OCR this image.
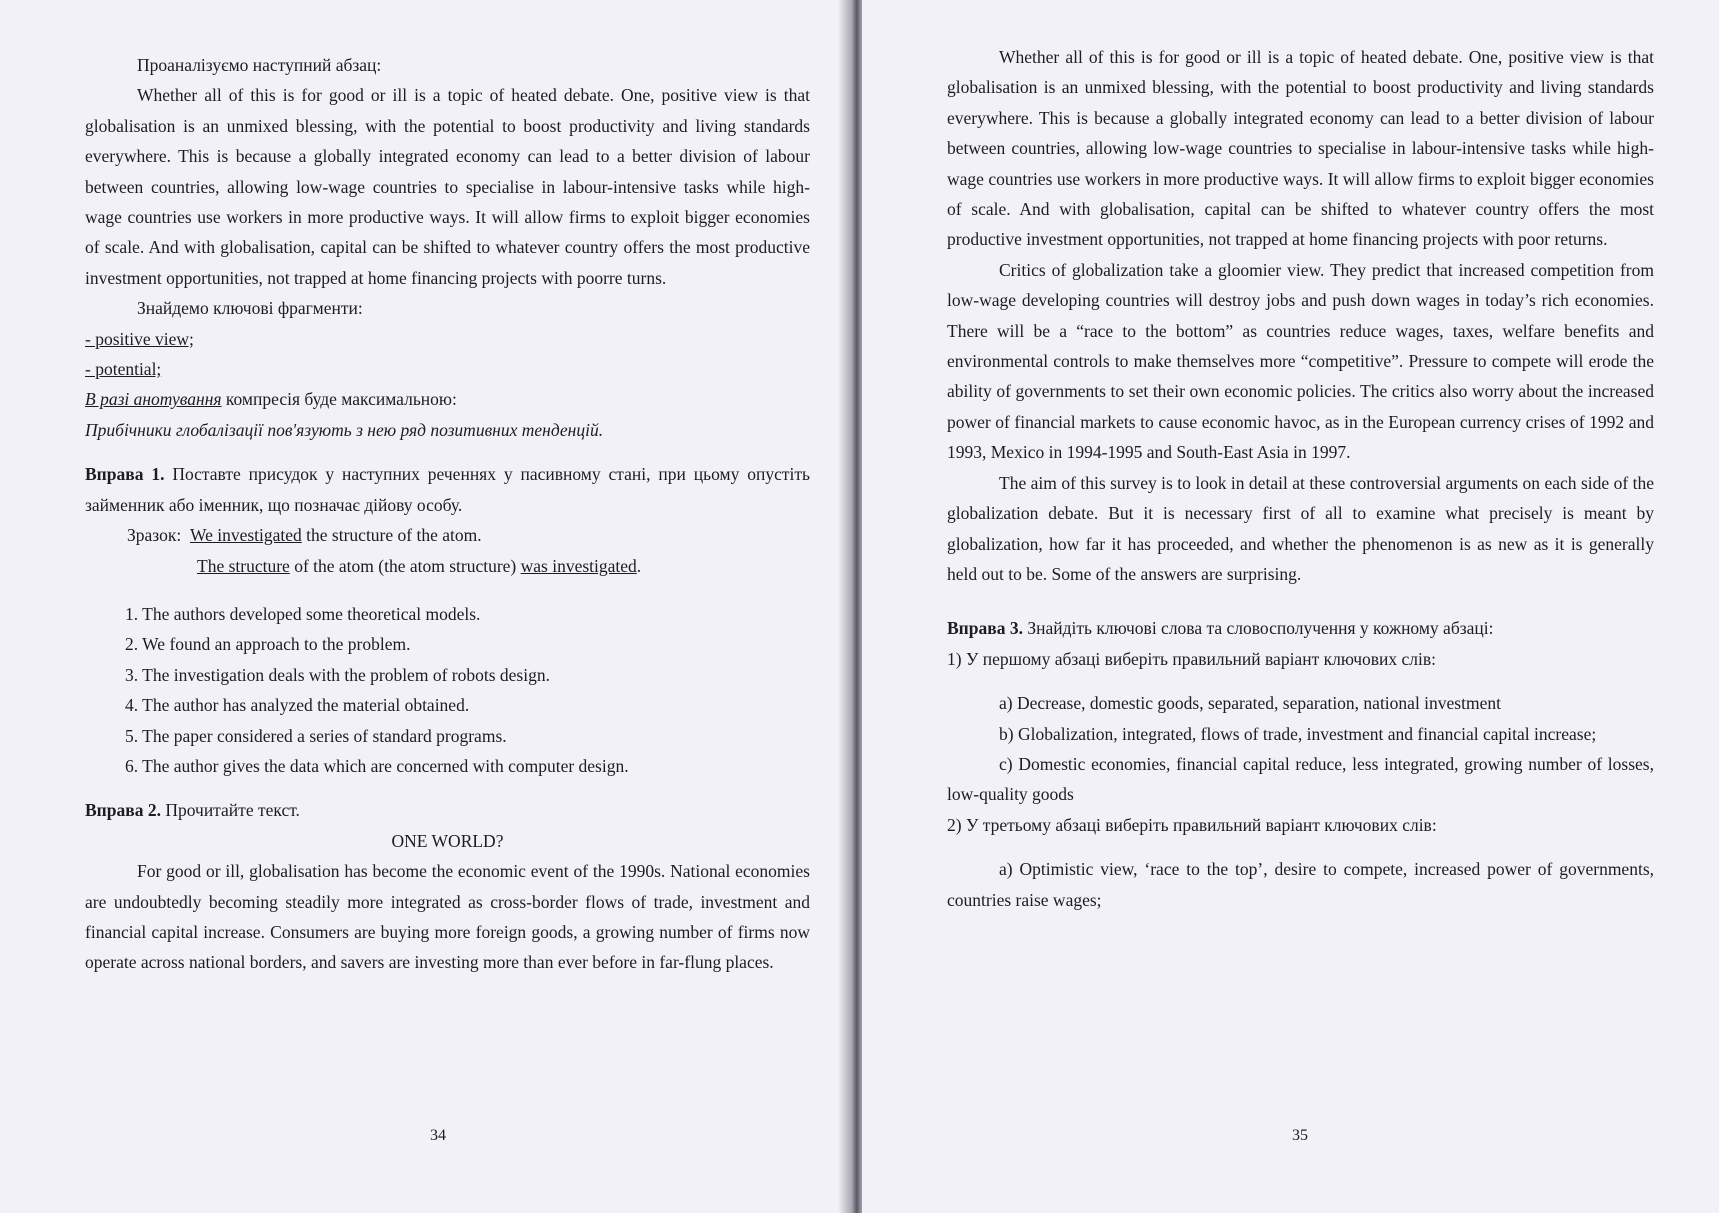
Проаналізуємо наступний абзац:

Whether all of this is for good or ill is a topic of heated debate. One, positive view is that globalisation is an unmixed blessing, with the potential to boost productivity and living standards everywhere. This is because a globally integrated economy can lead to a better division of labour between countries, allowing low-wage countries to specialise in labour-intensive tasks while high-wage countries use workers in more productive ways. It will allow firms to exploit bigger economies of scale. And with globalisation, capital can be shifted to whatever country offers the most productive investment opportunities, not trapped at home financing projects with poorre turns.

Знайдемо ключові фрагменти:

- positive view;

- potential;

В разі анотування компресія буде максимальною:

Прибічники глобалізації пов'язують з нею ряд позитивних тенденцій.

Вправа 1. Поставте присудок у наступних реченнях у пасивному стані, при цьому опустіть займенник або іменник, що позначає дійову особу.

Зразок: We investigated the structure of the atom.

The structure of the atom (the atom structure) was investigated.

1. The authors developed some theoretical models.
2. We found an approach to the problem.
3. The investigation deals with the problem of robots design.
4. The author has analyzed the material obtained.
5. The paper considered a series of standard programs.
6. The author gives the data which are concerned with computer design.

Вправа 2. Прочитайте текст.

ONE WORLD?

For good or ill, globalisation has become the economic event of the 1990s. National economies are undoubtedly becoming steadily more integrated as cross-border flows of trade, investment and financial capital increase. Consumers are buying more foreign goods, a growing number of firms now operate across national borders, and savers are investing more than ever before in far-flung places.

34

Whether all of this is for good or ill is a topic of heated debate. One, positive view is that globalisation is an unmixed blessing, with the potential to boost productivity and living standards everywhere. This is because a globally integrated economy can lead to a better division of labour between countries, allowing low-wage countries to specialise in labour-intensive tasks while high-wage countries use workers in more productive ways. It will allow firms to exploit bigger economies of scale. And with globalisation, capital can be shifted to whatever country offers the most productive investment opportunities, not trapped at home financing projects with poor returns.

Critics of globalization take a gloomier view. They predict that increased competition from low-wage developing countries will destroy jobs and push down wages in today’s rich economies. There will be a “race to the bottom” as countries reduce wages, taxes, welfare benefits and environmental controls to make themselves more “competitive”. Pressure to compete will erode the ability of governments to set their own economic policies. The critics also worry about the increased power of financial markets to cause economic havoc, as in the European currency crises of 1992 and 1993, Mexico in 1994-1995 and South-East Asia in 1997.

The aim of this survey is to look in detail at these controversial arguments on each side of the globalization debate. But it is necessary first of all to examine what precisely is meant by globalization, how far it has proceeded, and whether the phenomenon is as new as it is generally held out to be. Some of the answers are surprising.

Вправа 3. Знайдіть ключові слова та словосполучення у кожному абзаці:

1) У першому абзаці виберіть правильний варіант ключових слів:

a) Decrease, domestic goods, separated, separation, national investment

b) Globalization, integrated, flows of trade, investment and financial capital increase;

c) Domestic economies, financial capital reduce, less integrated, growing number of losses, low-quality goods

2) У третьому абзаці виберіть правильний варіант ключових слів:

a) Optimistic view, ‘race to the top’, desire to compete, increased power of governments, countries raise wages;

35
